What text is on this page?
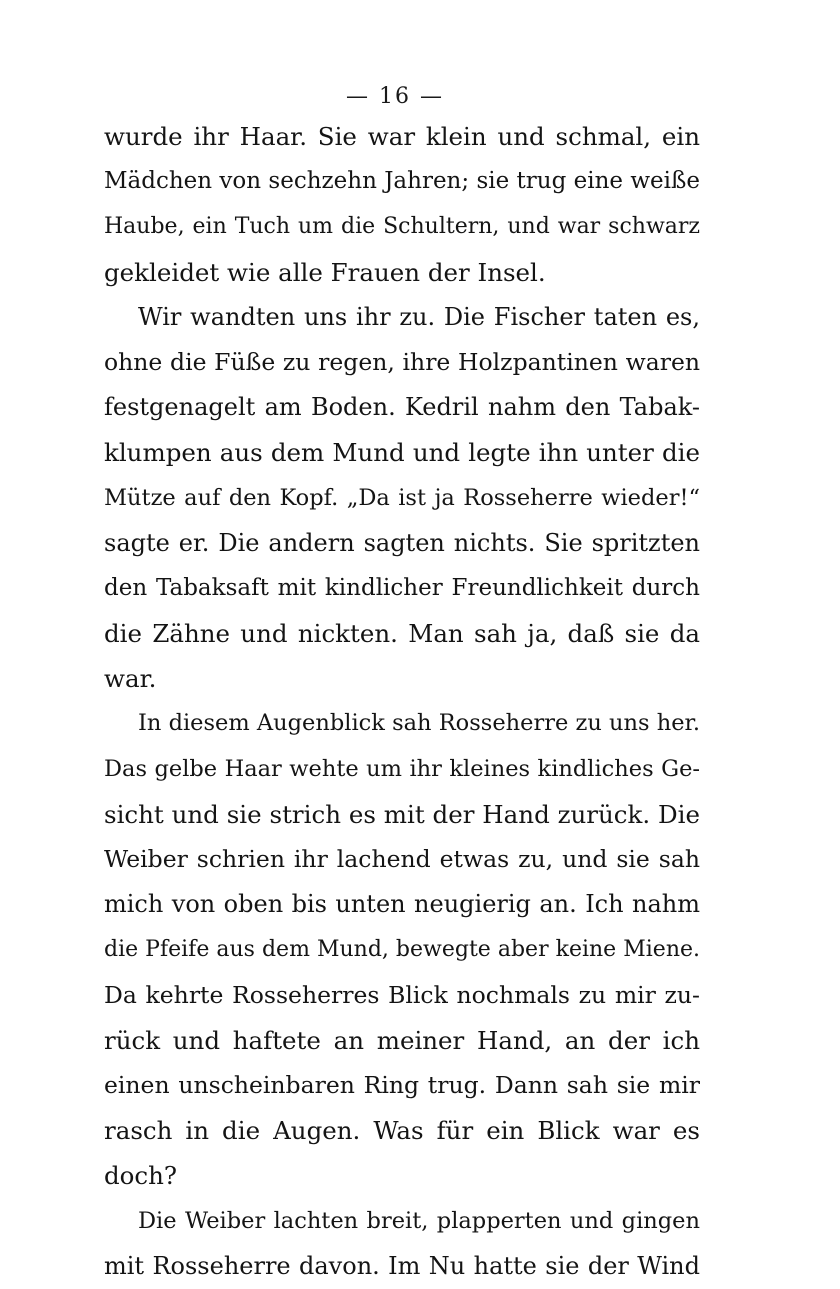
— 16 —
wurde ihr Haar. Sie war klein und schmal, ein
Mädchen von sechzehn Jahren; sie trug eine weiße
Haube, ein Tuch um die Schultern, und war schwarz
gekleidet wie alle Frauen der Insel.
Wir wandten uns ihr zu. Die Fischer taten es,
ohne die Füße zu regen, ihre Holzpantinen waren
festgenagelt am Boden. Kedril nahm den Tabak-
klumpen aus dem Mund und legte ihn unter die
Mütze auf den Kopf. „Da ist ja Rosseherre wieder!“
sagte er. Die andern sagten nichts. Sie spritzten
den Tabaksaft mit kindlicher Freundlichkeit durch
die Zähne und nickten. Man sah ja, daß sie da
war.
In diesem Augenblick sah Rosseherre zu uns her.
Das gelbe Haar wehte um ihr kleines kindliches Ge-
sicht und sie strich es mit der Hand zurück. Die
Weiber schrien ihr lachend etwas zu, und sie sah
mich von oben bis unten neugierig an. Ich nahm
die Pfeife aus dem Mund, bewegte aber keine Miene.
Da kehrte Rosseherres Blick nochmals zu mir zu-
rück und haftete an meiner Hand, an der ich
einen unscheinbaren Ring trug. Dann sah sie mir
rasch in die Augen. Was für ein Blick war es
doch?
Die Weiber lachten breit, plapperten und gingen
mit Rosseherre davon. Im Nu hatte sie der Wind
